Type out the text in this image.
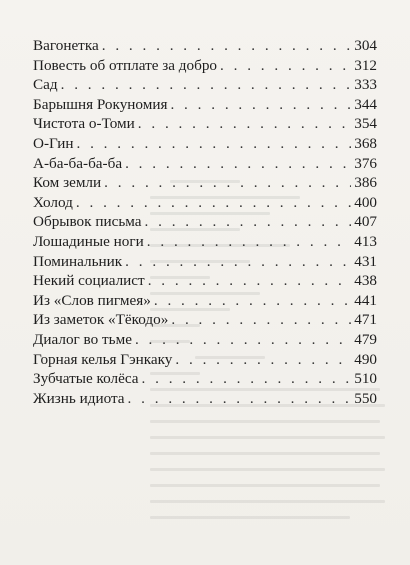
Вагонетка . . .	304
Повесть об отплате за добро . . .	312
Сад . . .	333
Барышня Рокуномия . . .	344
Чистота о-Томи . . .	354
О-Гин . . .	368
А-ба-ба-ба-ба . . .	376
Ком земли . . .	386
Холод . . .	400
Обрывок письма . . .	407
Лошадиные ноги . . .	413
Поминальник . . .	431
Некий социалист . . .	438
Из «Слов пигмея» . . .	441
Из заметок «Тёкодо» . . .	471
Диалог во тьме . . .	479
Горная келья Гэнкаку . . .	490
Зубчатые колёса . . .	510
Жизнь идиота . . .	550
